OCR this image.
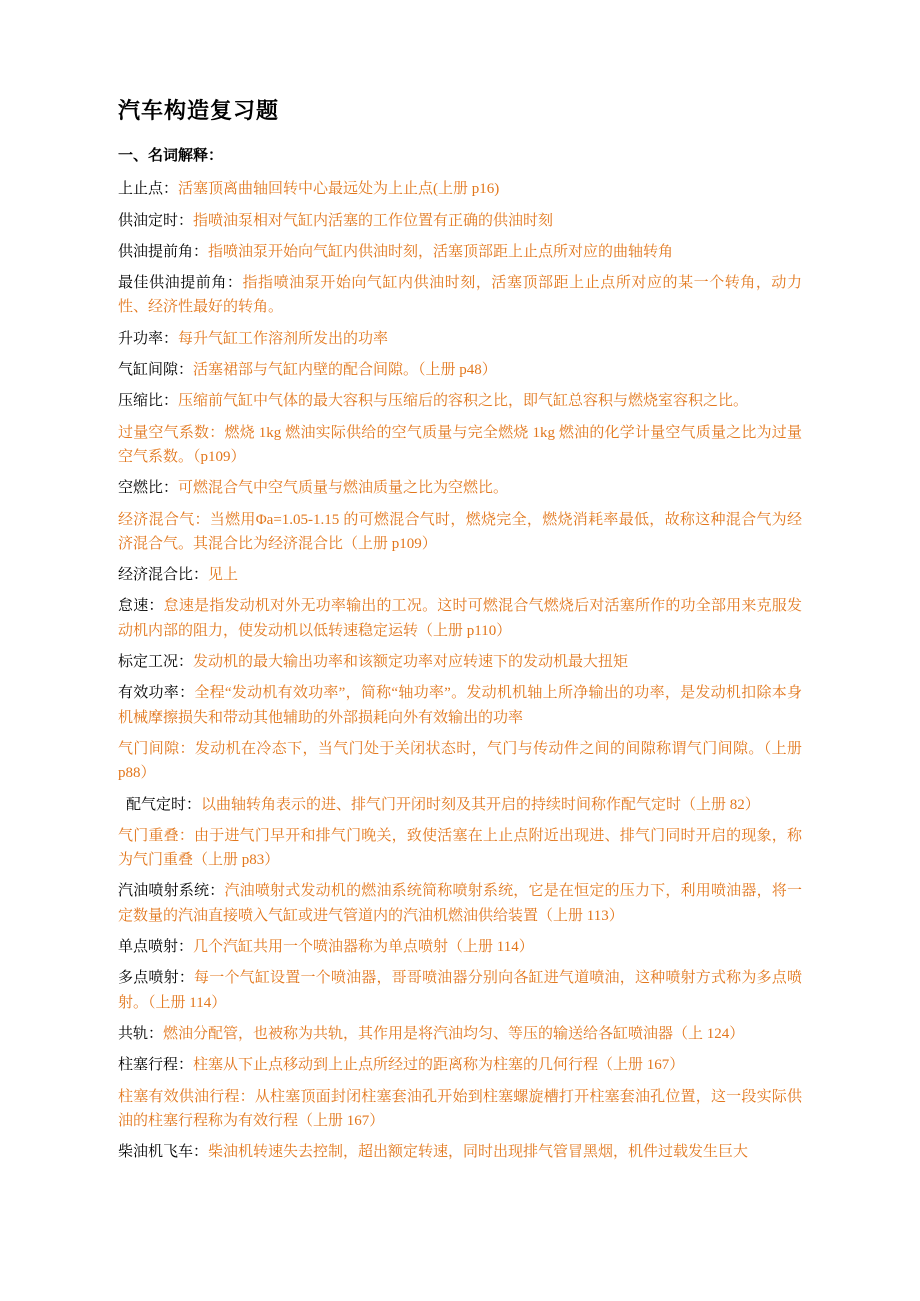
汽车构造复习题
一、名词解释：

上止点：活塞顶离曲轴回转中心最远处为上止点(上册 p16)

供油定时：指喷油泵相对气缸内活塞的工作位置有正确的供油时刻

供油提前角：指喷油泵开始向气缸内供油时刻，活塞顶部距上止点所对应的曲轴转角

最佳供油提前角：指指喷油泵开始向气缸内供油时刻，活塞顶部距上止点所对应的某一个转角，动力性、经济性最好的转角。

升功率：每升气缸工作溶剂所发出的功率

气缸间隙：活塞裙部与气缸内壁的配合间隙。（上册 p48）

压缩比：压缩前气缸中气体的最大容积与压缩后的容积之比，即气缸总容积与燃烧室容积之比。

过量空气系数：燃烧 1kg 燃油实际供给的空气质量与完全燃烧 1kg 燃油的化学计量空气质量之比为过量空气系数。（p109）

空燃比：可燃混合气中空气质量与燃油质量之比为空燃比。

经济混合气：当燃用Φa=1.05-1.15 的可燃混合气时，燃烧完全，燃烧消耗率最低，故称这种混合气为经济混合气。其混合比为经济混合比（上册 p109）

经济混合比：见上

怠速：怠速是指发动机对外无功率输出的工况。这时可燃混合气燃烧后对活塞所作的功全部用来克服发动机内部的阻力，使发动机以低转速稳定运转（上册 p110）

标定工况：发动机的最大输出功率和该额定功率对应转速下的发动机最大扭矩

有效功率：全程“发动机有效功率”，简称“轴功率”。发动机机轴上所净输出的功率，是发动机扣除本身机械摩擦损失和带动其他辅助的外部损耗向外有效输出的功率

气门间隙：发动机在冷态下，当气门处于关闭状态时，气门与传动件之间的间隙称谓气门间隙。（上册 p88）

配气定时：以曲轴转角表示的进、排气门开闭时刻及其开启的持续时间称作配气定时（上册 82）

气门重叠：由于进气门早开和排气门晚关，致使活塞在上止点附近出现进、排气门同时开启的现象，称为气门重叠（上册 p83）

汽油喷射系统：汽油喷射式发动机的燃油系统简称喷射系统，它是在恒定的压力下，利用喷油器，将一定数量的汽油直接喷入气缸或进气管道内的汽油机燃油供给装置（上册 113）

单点喷射：几个汽缸共用一个喷油器称为单点喷射（上册 114）

多点喷射：每一个气缸设置一个喷油器，哥哥喷油器分别向各缸进气道喷油，这种喷射方式称为多点喷射。（上册 114）

共轨：燃油分配管，也被称为共轨，其作用是将汽油均匀、等压的输送给各缸喷油器（上 124）

柱塞行程：柱塞从下止点移动到上止点所经过的距离称为柱塞的几何行程（上册 167）

柱塞有效供油行程：从柱塞顶面封闭柱塞套油孔开始到柱塞螺旋槽打开柱塞套油孔位置，这一段实际供油的柱塞行程称为有效行程（上册 167）

柴油机飞车：柴油机转速失去控制，超出额定转速，同时出现排气管冒黑烟，机件过载发生巨大
